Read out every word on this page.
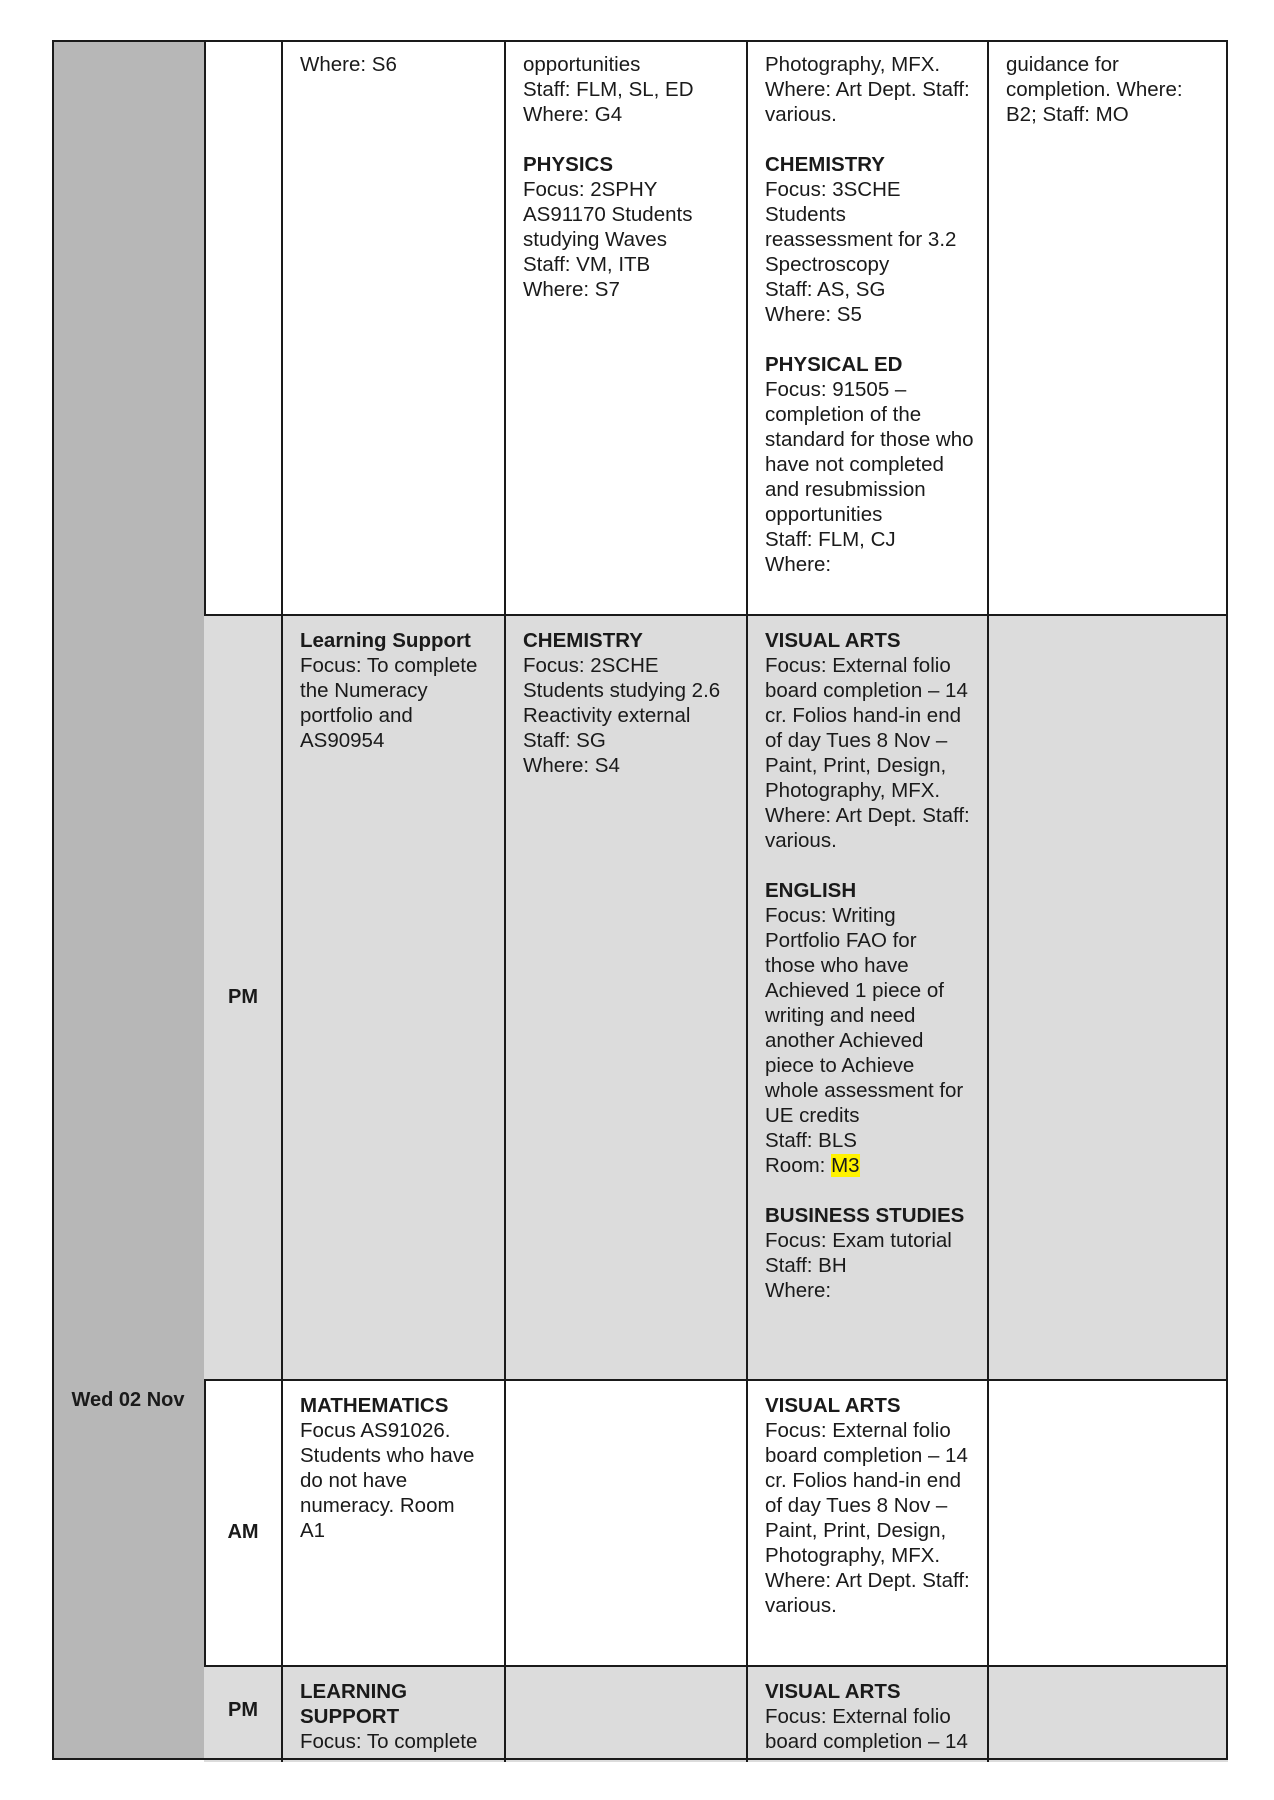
Wed 02 Nov
Where: S6	opportunities
Staff: FLM, SL, ED
Where: G4
PHYSICS
Focus: 2SPHY
AS91170 Students
studying Waves
Staff: VM, ITB
Where: S7
Photography, MFX.
Where: Art Dept. Staff:
various.
CHEMISTRY
Focus: 3SCHE
Students
reassessment for 3.2
Spectroscopy
Staff: AS, SG
Where: S5
PHYSICAL ED
Focus: 91505 –
completion of the
standard for those who
have not completed
and resubmission
opportunities
Staff: FLM, CJ
Where:
guidance for
completion. Where:
B2; Staff: MO
PM
Learning Support
Focus: To complete
the Numeracy
portfolio and
AS90954
CHEMISTRY
Focus: 2SCHE
Students studying 2.6
Reactivity external
Staff: SG
Where: S4
VISUAL ARTS
Focus: External folio
board completion – 14
cr. Folios hand-in end
of day Tues 8 Nov –
Paint, Print, Design,
Photography, MFX.
Where: Art Dept. Staff:
various.
ENGLISH
Focus: Writing
Portfolio FAO for
those who have
Achieved 1 piece of
writing and need
another Achieved
piece to Achieve
whole assessment for
UE credits
Staff: BLS
Room: M3
BUSINESS STUDIES
Focus: Exam tutorial
Staff: BH
Where:
AM
MATHEMATICS
Focus AS91026.
Students who have
do not have
numeracy. Room
A1
VISUAL ARTS
Focus: External folio
board completion – 14
cr. Folios hand-in end
of day Tues 8 Nov –
Paint, Print, Design,
Photography, MFX.
Where: Art Dept. Staff:
various.
PM
LEARNING
SUPPORT
Focus: To complete
VISUAL ARTS
Focus: External folio
board completion – 14
